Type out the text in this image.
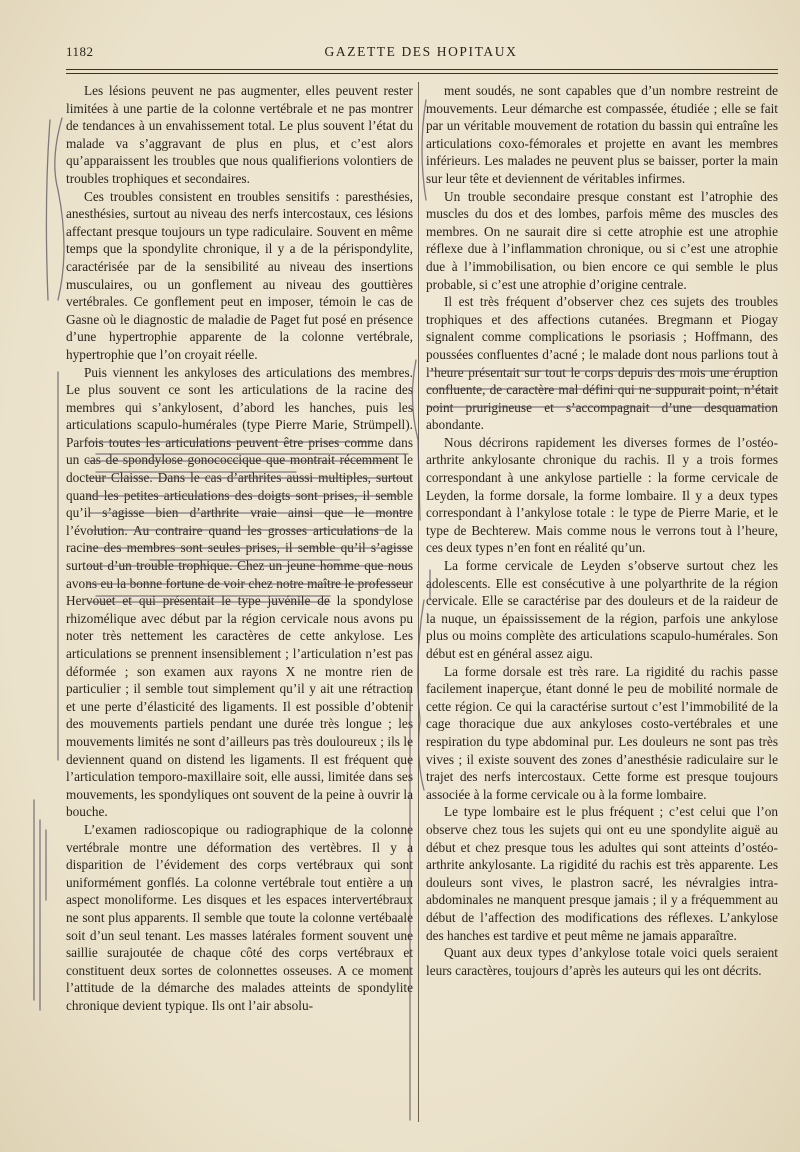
1182	GAZETTE DES HOPITAUX

Les lésions peuvent ne pas augmenter, elles peuvent rester limitées à une partie de la colonne vertébrale et ne pas montrer de tendances à un envahissement total. Le plus souvent l’état du malade va s’aggravant de plus en plus, et c’est alors qu’apparaissent les troubles que nous qualifierions volontiers de troubles trophiques et secondaires.

Ces troubles consistent en troubles sensitifs : paresthésies, anesthésies, surtout au niveau des nerfs intercostaux, ces lésions affectant presque toujours un type radiculaire. Souvent en même temps que la spondylite chronique, il y a de la périspondylite, caractérisée par de la sensibilité au niveau des insertions musculaires, ou un gonflement au niveau des gouttières vertébrales. Ce gonflement peut en imposer, témoin le cas de Gasne où le diagnostic de maladie de Paget fut posé en présence d’une hypertrophie apparente de la colonne vertébrale, hypertrophie que l’on croyait réelle.

Puis viennent les ankyloses des articulations des membres. Le plus souvent ce sont les articulations de la racine des membres qui s’ankylosent, d’abord les hanches, puis les articulations scapulo-humérales (type Pierre Marie, Strümpell). Parfois toutes les articulations peuvent être prises comme dans un cas de spondylose gonococcique que montrait récemment le docteur Claisse. Dans le cas d’arthrites aussi multiples, surtout quand les petites articulations des doigts sont prises, il semble qu’il s’agisse bien d’arthrite vraie ainsi que le montre l’évolution. Au contraire quand les grosses articulations de la racine des membres sont seules prises, il semble qu’il s’agisse surtout d’un trouble trophique. Chez un jeune homme que nous avons eu la bonne fortune de voir chez notre maître le professeur Hervouet et qui présentait le type juvénile de la spondylose rhizomélique avec début par la région cervicale nous avons pu noter très nettement les caractères de cette ankylose. Les articulations se prennent insensiblement ; l’articulation n’est pas déformée ; son examen aux rayons X ne montre rien de particulier ; il semble tout simplement qu’il y ait une rétraction et une perte d’élasticité des ligaments. Il est possible d’obtenir des mouvements partiels pendant une durée très longue ; les mouvements limités ne sont d’ailleurs pas très douloureux ; ils le deviennent quand on distend les ligaments. Il est fréquent que l’articulation temporo-maxillaire soit, elle aussi, limitée dans ses mouvements, les spondyliques ont souvent de la peine à ouvrir la bouche.

L’examen radioscopique ou radiographique de la colonne vertébrale montre une déformation des vertèbres. Il y a disparition de l’évidement des corps vertébraux qui sont uniformément gonflés. La colonne vertébrale tout entière a un aspect monoliforme. Les disques et les espaces intervertébraux ne sont plus apparents. Il semble que toute la colonne vertébaale soit d’un seul tenant. Les masses latérales forment souvent une saillie surajoutée de chaque côté des corps vertébraux et constituent deux sortes de colonnettes osseuses. A ce moment l’attitude de la démarche des malades atteints de spondylite chronique devient typique. Ils ont l’air absolu-

ment soudés, ne sont capables que d’un nombre restreint de mouvements. Leur démarche est compassée, étudiée ; elle se fait par un véritable mouvement de rotation du bassin qui entraîne les articulations coxo-fémorales et projette en avant les membres inférieurs. Les malades ne peuvent plus se baisser, porter la main sur leur tête et deviennent de véritables infirmes.

Un trouble secondaire presque constant est l’atrophie des muscles du dos et des lombes, parfois même des muscles des membres. On ne saurait dire si cette atrophie est une atrophie réflexe due à l’inflammation chronique, ou si c’est une atrophie due à l’immobilisation, ou bien encore ce qui semble le plus probable, si c’est une atrophie d’origine centrale.

Il est très fréquent d’observer chez ces sujets des troubles trophiques et des affections cutanées. Bregmann et Piogay signalent comme complications le psoriasis ; Hoffmann, des poussées confluentes d’acné ; le malade dont nous parlions tout à l’heure présentait sur tout le corps depuis des mois une éruption confluente, de caractère mal défini qui ne suppurait point, n’était point prurigineuse et s’accompagnait d’une desquamation abondante.

Nous décrirons rapidement les diverses formes de l’ostéo-arthrite ankylosante chronique du rachis. Il y a trois formes correspondant à une ankylose partielle : la forme cervicale de Leyden, la forme dorsale, la forme lombaire. Il y a deux types correspondant à l’ankylose totale : le type de Pierre Marie, et le type de Bechterew. Mais comme nous le verrons tout à l’heure, ces deux types n’en font en réalité qu’un.

La forme cervicale de Leyden s’observe surtout chez les adolescents. Elle est consécutive à une polyarthrite de la région cervicale. Elle se caractérise par des douleurs et de la raideur de la nuque, un épaississement de la région, parfois une ankylose plus ou moins complète des articulations scapulo-humérales. Son début est en général assez aigu.

La forme dorsale est très rare. La rigidité du rachis passe facilement inaperçue, étant donné le peu de mobilité normale de cette région. Ce qui la caractérise surtout c’est l’immobilité de la cage thoracique due aux ankyloses costo-vertébrales et une respiration du type abdominal pur. Les douleurs ne sont pas très vives ; il existe souvent des zones d’anesthésie radiculaire sur le trajet des nerfs intercostaux. Cette forme est presque toujours associée à la forme cervicale ou à la forme lombaire.

Le type lombaire est le plus fréquent ; c’est celui que l’on observe chez tous les sujets qui ont eu une spondylite aiguë au début et chez presque tous les adultes qui sont atteints d’ostéo-arthrite ankylosante. La rigidité du rachis est très apparente. Les douleurs sont vives, le plastron sacré, les névralgies intra-abdominales ne manquent presque jamais ; il y a fréquemment au début de l’affection des modifications des réflexes. L’ankylose des hanches est tardive et peut même ne jamais apparaître.

Quant aux deux types d’ankylose totale voici quels seraient leurs caractères, toujours d’après les auteurs qui les ont décrits.
